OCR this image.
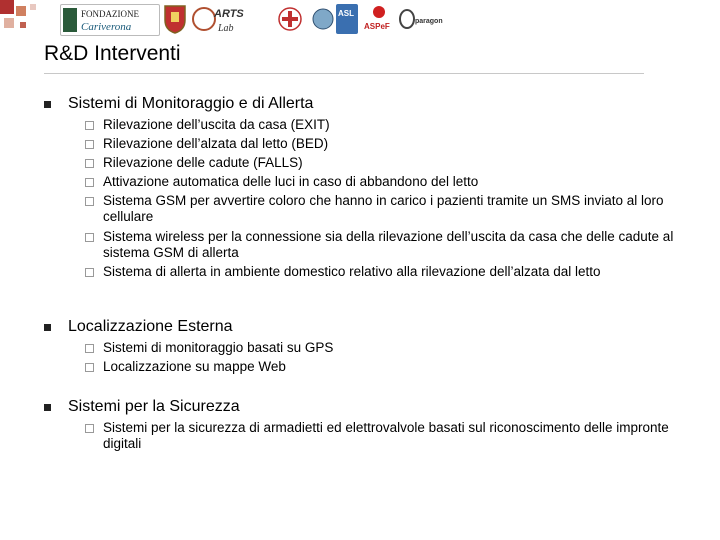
FONDAZIONE
Cariverona
ARTS
Lab
ASL
ASPeF
paragon
R&D Interventi
Sistemi di Monitoraggio e di Allerta
Rilevazione dell’uscita da casa (EXIT)
Rilevazione dell’alzata dal letto (BED)
Rilevazione delle cadute (FALLS)
Attivazione automatica delle luci in caso di abbandono del letto
Sistema GSM per avvertire coloro che hanno in carico i pazienti tramite un SMS inviato al loro cellulare
Sistema wireless per la connessione sia della rilevazione dell’uscita da casa che delle cadute al sistema GSM di allerta
Sistema di allerta in ambiente domestico relativo alla rilevazione dell’alzata dal letto
Localizzazione Esterna
Sistemi di monitoraggio basati su GPS
Localizzazione su mappe Web
Sistemi per la Sicurezza
Sistemi per la sicurezza di armadietti ed elettrovalvole basati sul riconoscimento delle impronte digitali
